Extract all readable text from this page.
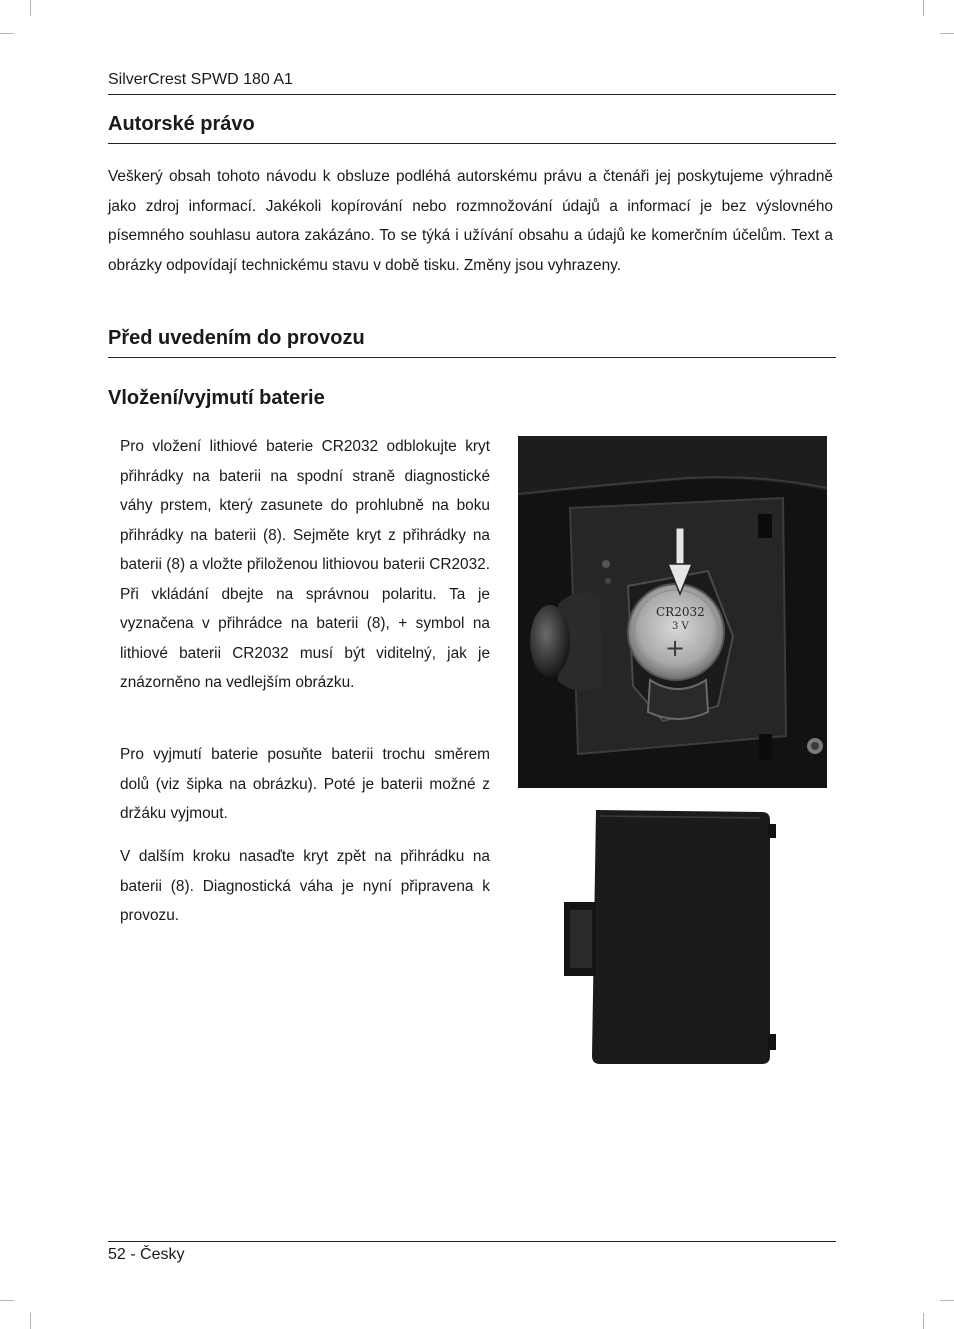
SilverCrest SPWD 180 A1
Autorské právo

Veškerý obsah tohoto návodu k obsluze podléhá autorskému právu a čtenáři jej poskytujeme výhradně jako zdroj informací. Jakékoli kopírování nebo rozmnožování údajů a informací je bez výslovného písemného souhlasu autora zakázáno. To se týká i užívání obsahu a údajů ke komerčním účelům. Text a obrázky odpovídají technickému stavu v době tisku. Změny jsou vyhrazeny.

Před uvedením do provozu
Vložení/vyjmutí baterie

Pro vložení lithiové baterie CR2032 odblokujte kryt přihrádky na baterii na spodní straně diagnostické váhy prstem, který zasunete do prohlubně na boku přihrádky na baterii (8). Sejměte kryt z přihrádky na baterii (8) a vložte přiloženou lithiovou baterii CR2032. Při vkládání dbejte na správnou polaritu. Ta je vyznačena v přihrádce na baterii (8), + symbol na lithiové baterii CR2032 musí být viditelný, jak je znázorněno na vedlejším obrázku.

Pro vyjmutí baterie posuňte baterii trochu směrem dolů (viz šipka na obrázku). Poté je baterii možné z držáku vyjmout.

V dalším kroku nasaďte kryt zpět na přihrádku na baterii (8). Diagnostická váha je nyní připravena k provozu.

CR2032
3 V
+
52 - Česky
